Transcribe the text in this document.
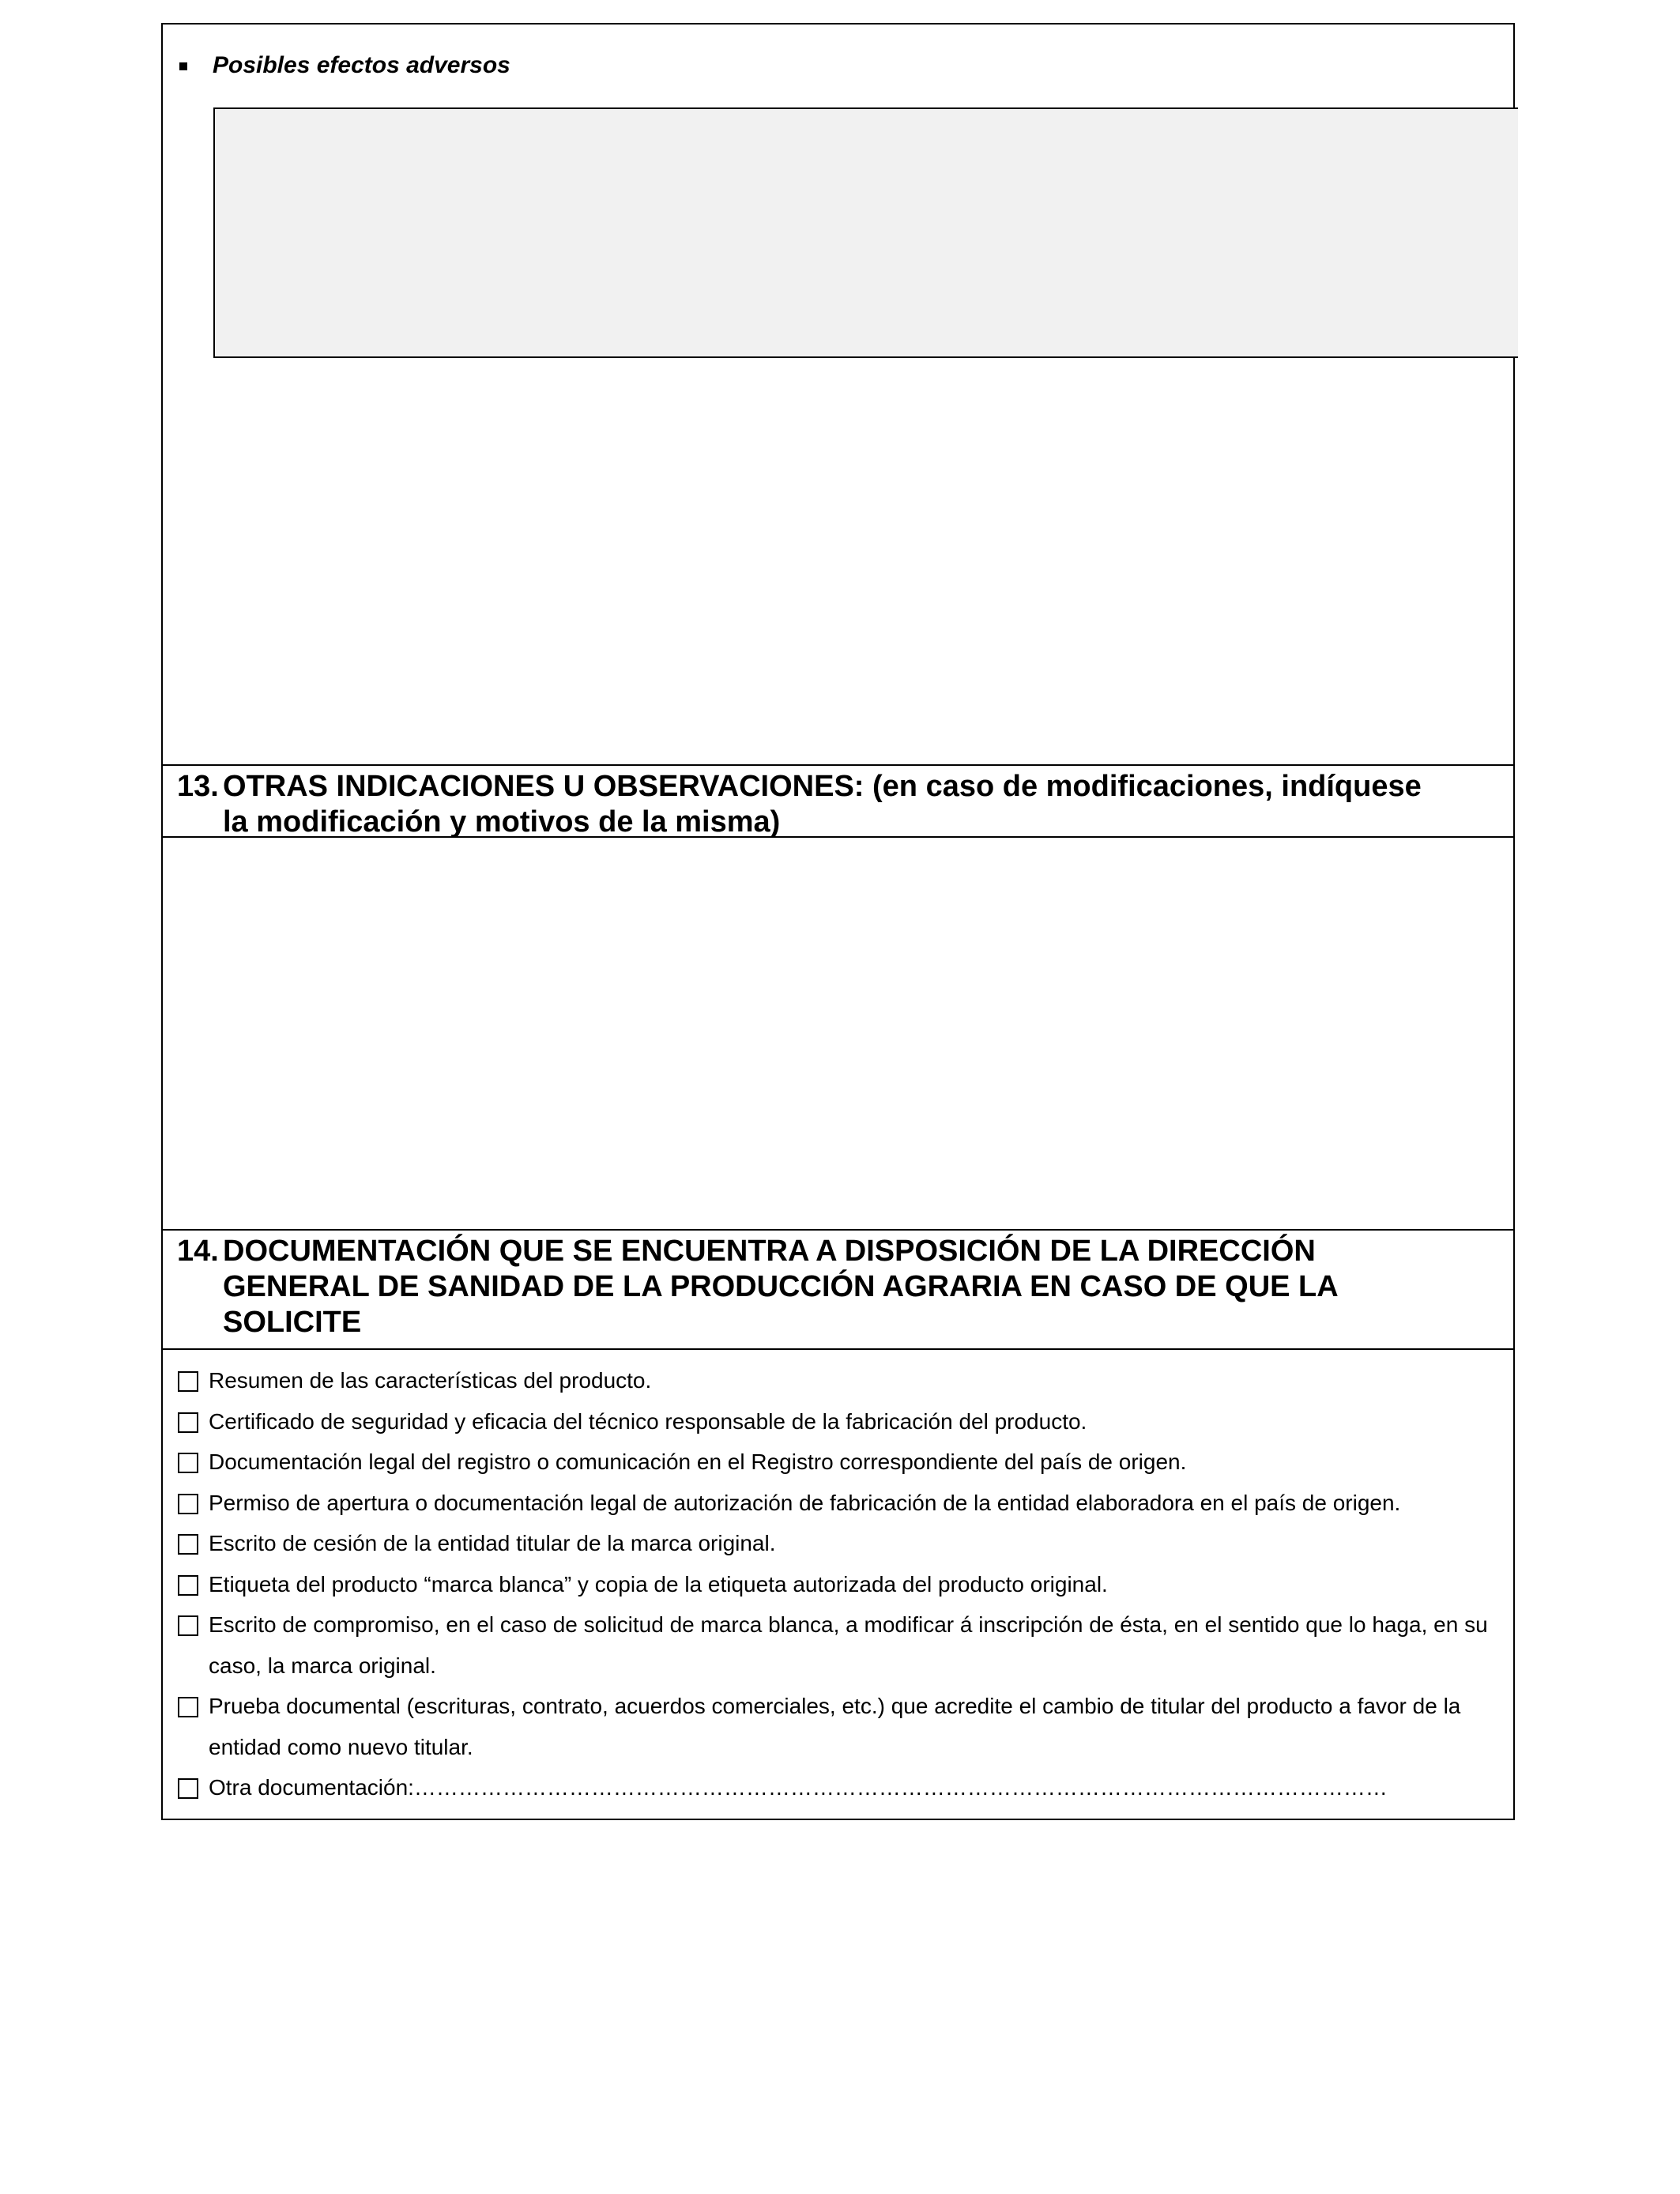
Posibles efectos adversos
13. OTRAS INDICACIONES U OBSERVACIONES: (en caso de modificaciones, indíquese
la modificación y motivos de la misma)
14. DOCUMENTACIÓN QUE SE ENCUENTRA A DISPOSICIÓN DE LA DIRECCIÓN
GENERAL DE SANIDAD DE LA PRODUCCIÓN AGRARIA EN CASO DE QUE LA
SOLICITE
Resumen de las características del producto.
Certificado de seguridad y eficacia del técnico responsable de la fabricación del producto.
Documentación legal del registro o comunicación en el Registro correspondiente del país de origen.
Permiso de apertura o documentación legal de autorización de fabricación de la entidad elaboradora en el país de origen.
Escrito de cesión de la entidad titular de la marca original.
Etiqueta del producto “marca blanca” y copia de la etiqueta autorizada del producto original.
Escrito de compromiso, en el caso de solicitud de marca blanca, a modificar á inscripción de ésta, en el sentido que lo haga, en su caso, la marca original.
Prueba documental (escrituras, contrato, acuerdos comerciales, etc.) que acredite el cambio de titular del producto a favor de la entidad como nuevo titular.
Otra documentación:……………………………………………………………………………………………………………………
